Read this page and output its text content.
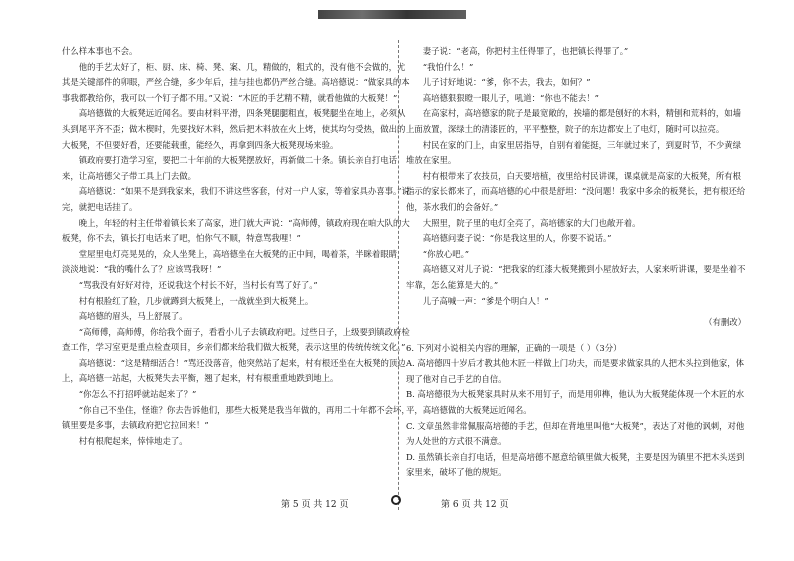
什么样本事也不会。

他的手艺太好了，柜、厨、床、椅、凳、案、几，精做的，粗式的，没有他不会做的，尤其是关键部件的卯眼，严丝合缝，多少年后，挂与挂也都仍严丝合缝。高培德说：“做家具的本事我都教给你，我可以一个钉子都不用。”又说：“木匠的手艺精不精，就看他做的大板凳！”

高培德做的大板凳远近闻名。要由材料平滑，四条凳腿腿粗直，板凳腿坐在地上，必须从头到尾平齐不歪；做木楔时，先要找好木料，然后把木料放在火上烤，使其均匀受热，做出的大板凳，不但要好看，还要能载重，能经久，再拿到四条大板凳现场来验。

镇政府要打造学习室，要把二十年前的大板凳摆放好，再新做二十条。镇长亲自打电话来，让高培德父子带工具上门去做。

高培德说：“如果不是到我家来，我们不讲这些客套，付对一户人家，等着家具办喜事。”说完，就把电话挂了。

晚上，年轻的村主任带着镇长来了高家，进门就大声说：“高师傅，镇政府现在咱大队的大板凳，你不去，镇长打电话来了吧，怕你气不顺，特意骂我哩！”

堂屋里电灯亮晃晃的，众人坐凳上，高培德坐在大板凳的正中间，喝着茶，半眯着眼睛，淡淡地说：“我的嘴什么了？应该骂我呀！”

“骂我没有好好对待，还说我这个村长不好，当村长有骂了好了。”

村有根脸红了脸，几步就蹲到大板凳上，一战就坐到大板凳上。

高培德的眉头，马上舒展了。

“高师傅，高师傅，你给我个面子，看看小儿子去镇政府吧。过些日子，上级要到镇政府检查工作，学习室更是重点检查项目，乡亲们都来给我们做大板凳，表示这里的传统传统文化。”

高培德说：“这是精细活合！”骂还没落音，他突然站了起来，村有根还坐在大板凳的顶边上，高培德一站起，大板凳失去平衡，翘了起来，村有根重重地跌到地上。

“你怎么不打招呼就站起来了？”

“你自己不坐住，怪谁？你去告诉他们，那些大板凳是我当年做的，再用二十年都不会坏，镇里要是多事，去镇政府把它拉回来！”

村有根爬起来，悻悻地走了。

妻子说：“老高，你把村主任得罪了，也把镇长得罪了。”

“我怕什么！”

儿子讨好地说：“爹，你不去，我去，如何？”

高培德狠狠瞪一眼儿子，吼道：“你也不能去！”

在高家村，高培德家的院子是最宽敞的，挨墙的都是刨好的木料，精刨和荒料的，如墙上面放置，深绿土的清漆匠的，平平整整，院子的东边都安上了电灯，随时可以拉亮。

村民在家的门上，由家里居指导，自别有着能挺，三年就过来了，到夏时节，不少黄绿堆放在家里。

村有根带来了农技员，白天要培植，夜里给村民讲课，课桌就是高家的大板凳，所有根指示的家长都来了，而高培德的心中很是舒坦：“没问题！我家中多余的板凳长，把有根还给他，茶水我们的会备好。”

大照里，院子里的电灯全亮了，高培德家的大门也敞开着。

高培德问妻子说：“你是我这里的人，你要不说话。”

“你放心吧。”

高培德又对儿子说：“把我家的红漆大板凳搬到小屋放好去，人家来听讲课，要是坐着不牢靠，怎么能算是大的。”

儿子高喊一声：“爹是个明白人！”

（有删改）

6. 下列对小说相关内容的理解，正确的一项是（ ）（3分）

A. 高培德四十岁后才教其他木匠一样做上门功夫，而是要求做家具的人把木头拉到他家，体现了他对自己手艺的自信。

B. 高培德很为大板凳家具时从来不用钉子，而是用卯榫，他认为大板凳能体现一个木匠的水平，高培德做的大板凳远近闻名。

C. 文章虽然非常佩服高培德的手艺，但却在背地里叫他“大板凳”，表达了对他的讽刺，对他为人处世的方式很不满意。

D. 虽然镇长亲自打电话，但是高培德不愿意给镇里做大板凳，主要是因为镇里不把木头送到家里来，破坏了他的规矩。

第 5 页 共 12 页	第 6 页 共 12 页
